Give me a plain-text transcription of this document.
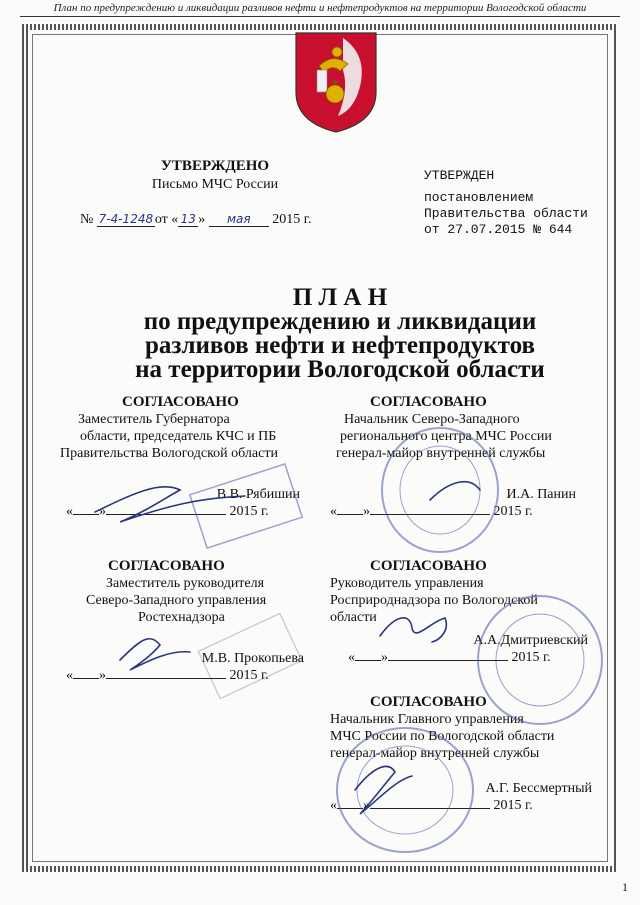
План по предупреждению и ликвидации разливов нефти и нефтепродуктов на территории Вологодской области
УТВЕРЖДЕНО
Письмо МЧС России
№ 7-4-1248 от « 13 » мая 2015 г.
УТВЕРЖДЕН
постановлением
Правительства области
от 27.07.2015 № 644
П Л А Н
по предупреждению и ликвидации
разливов нефти и нефтепродуктов
на территории Вологодской области
СОГЛАСОВАНО
Заместитель Губернатора
области, председатель КЧС и ПБ
Правительства Вологодской области
В.В. Рябишин
« »	2015 г.
СОГЛАСОВАНО
Начальник Северо-Западного
регионального центра МЧС России
генерал-майор внутренней службы
И.А. Панин
« »	2015 г.
СОГЛАСОВАНО
Заместитель руководителя
Северо-Западного управления
Ростехнадзора
М.В. Прокопьева
« »	2015 г.
СОГЛАСОВАНО
Руководитель управления
Росприроднадзора по Вологодской
области
А.А.Дмитриевский
« »	2015 г.
СОГЛАСОВАНО
Начальник Главного управления
МЧС России по Вологодской области
генерал-майор внутренней службы
А.Г. Бессмертный
« »	2015 г.
1
